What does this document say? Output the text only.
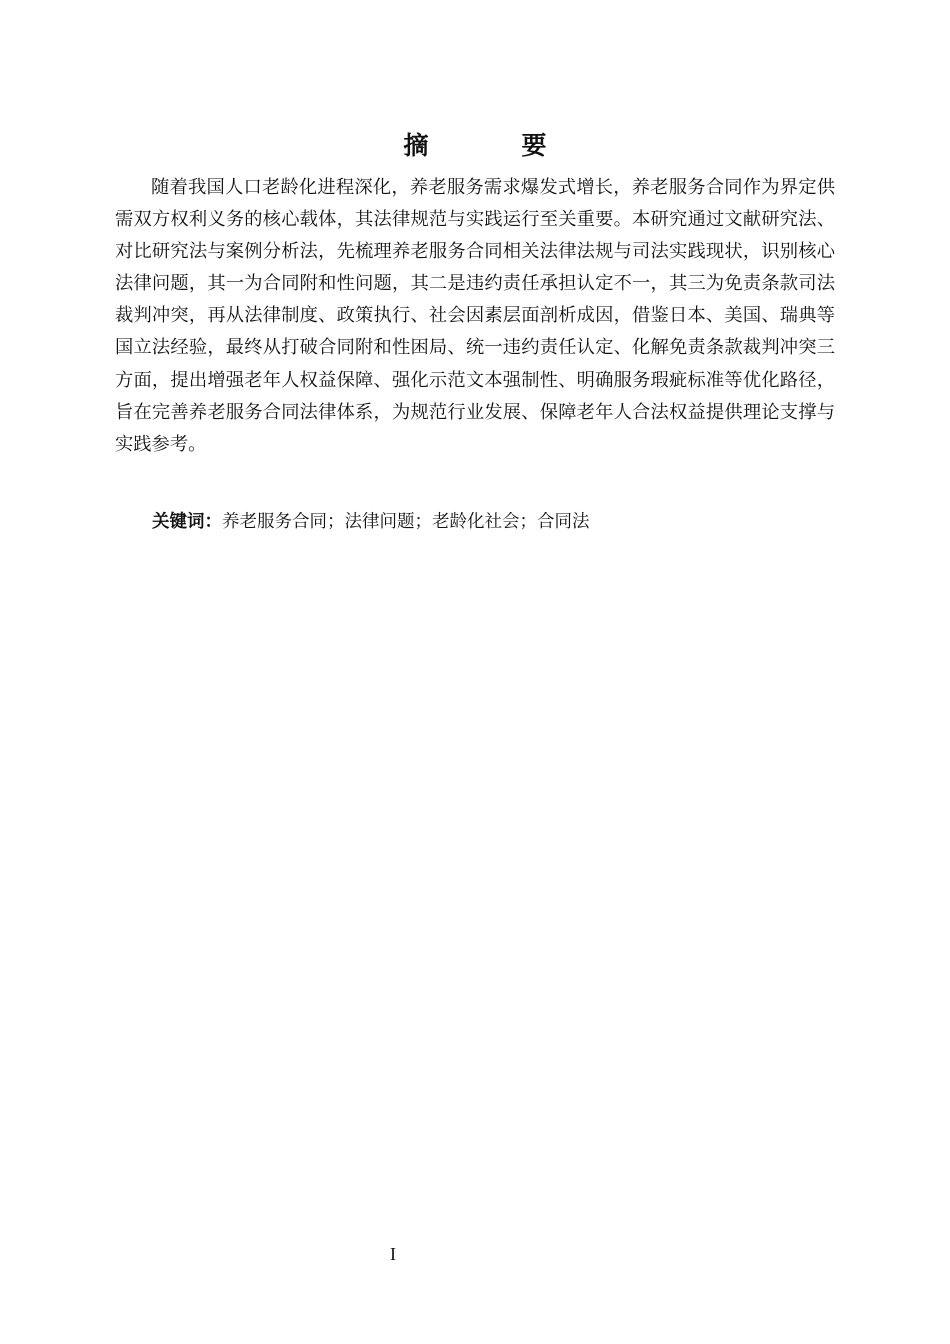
摘　要

随着我国人口老龄化进程深化，养老服务需求爆发式增长，养老服务合同作为界定供需双方权利义务的核心载体，其法律规范与实践运行至关重要。本研究通过文献研究法、对比研究法与案例分析法，先梳理养老服务合同相关法律法规与司法实践现状，识别核心法律问题，其一为合同附和性问题，其二是违约责任承担认定不一，其三为免责条款司法裁判冲突，再从法律制度、政策执行、社会因素层面剖析成因，借鉴日本、美国、瑞典等国立法经验，最终从打破合同附和性困局、统一违约责任认定、化解免责条款裁判冲突三方面，提出增强老年人权益保障、强化示范文本强制性、明确服务瑕疵标准等优化路径，旨在完善养老服务合同法律体系，为规范行业发展、保障老年人合法权益提供理论支撑与实践参考。

关键词：养老服务合同；法律问题；老龄化社会；合同法
I
